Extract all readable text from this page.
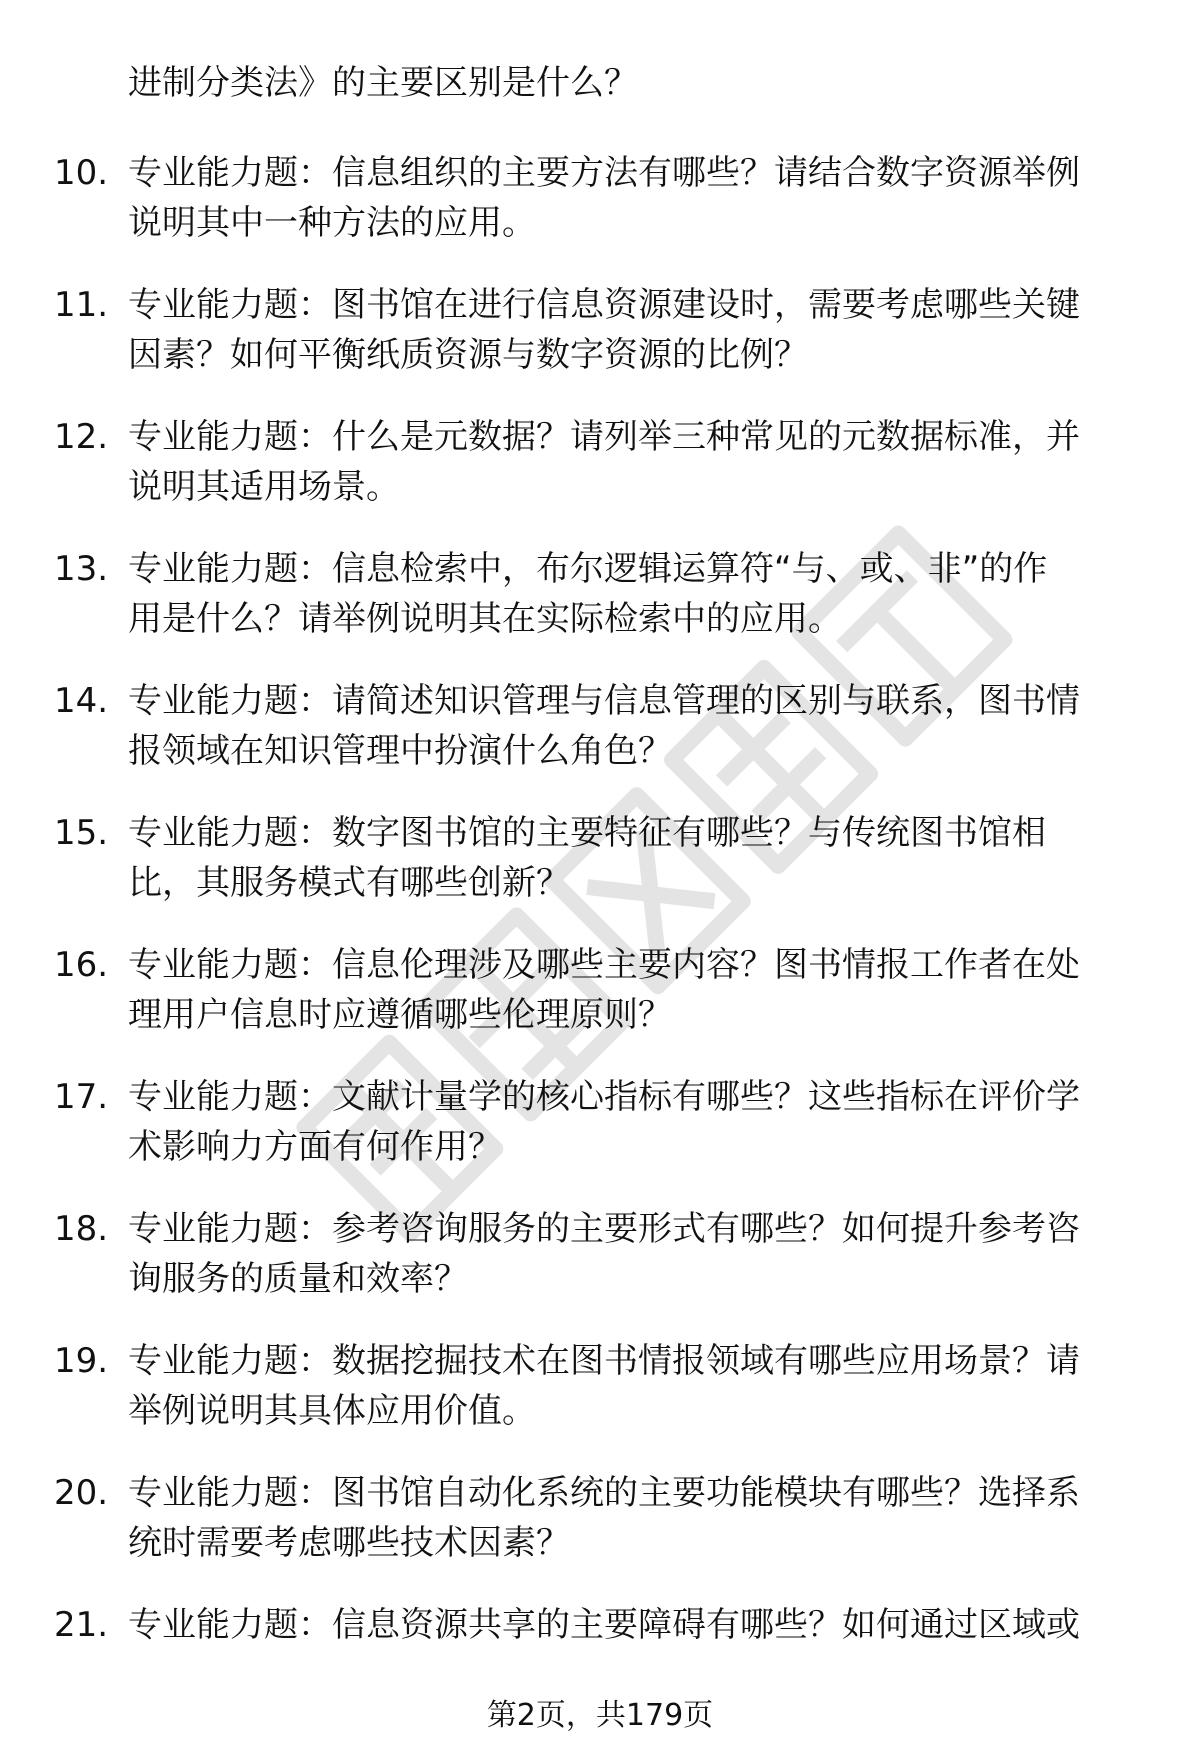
进制分类法》的主要区别是什么？
10. 专业能力题：信息组织的主要方法有哪些？请结合数字资源举例
说明其中一种方法的应用。
11. 专业能力题：图书馆在进行信息资源建设时，需要考虑哪些关键
因素？如何平衡纸质资源与数字资源的比例？
12. 专业能力题：什么是元数据？请列举三种常见的元数据标准，并
说明其适用场景。
13. 专业能力题：信息检索中，布尔逻辑运算符“与、或、非”的作
用是什么？请举例说明其在实际检索中的应用。
14. 专业能力题：请简述知识管理与信息管理的区别与联系，图书情
报领域在知识管理中扮演什么角色？
15. 专业能力题：数字图书馆的主要特征有哪些？与传统图书馆相
比，其服务模式有哪些创新？
16. 专业能力题：信息伦理涉及哪些主要内容？图书情报工作者在处
理用户信息时应遵循哪些伦理原则？
17. 专业能力题：文献计量学的核心指标有哪些？这些指标在评价学
术影响力方面有何作用？
18. 专业能力题：参考咨询服务的主要形式有哪些？如何提升参考咨
询服务的质量和效率？
19. 专业能力题：数据挖掘技术在图书情报领域有哪些应用场景？请
举例说明其具体应用价值。
20. 专业能力题：图书馆自动化系统的主要功能模块有哪些？选择系
统时需要考虑哪些技术因素？
21. 专业能力题：信息资源共享的主要障碍有哪些？如何通过区域或
第2页，共179页
